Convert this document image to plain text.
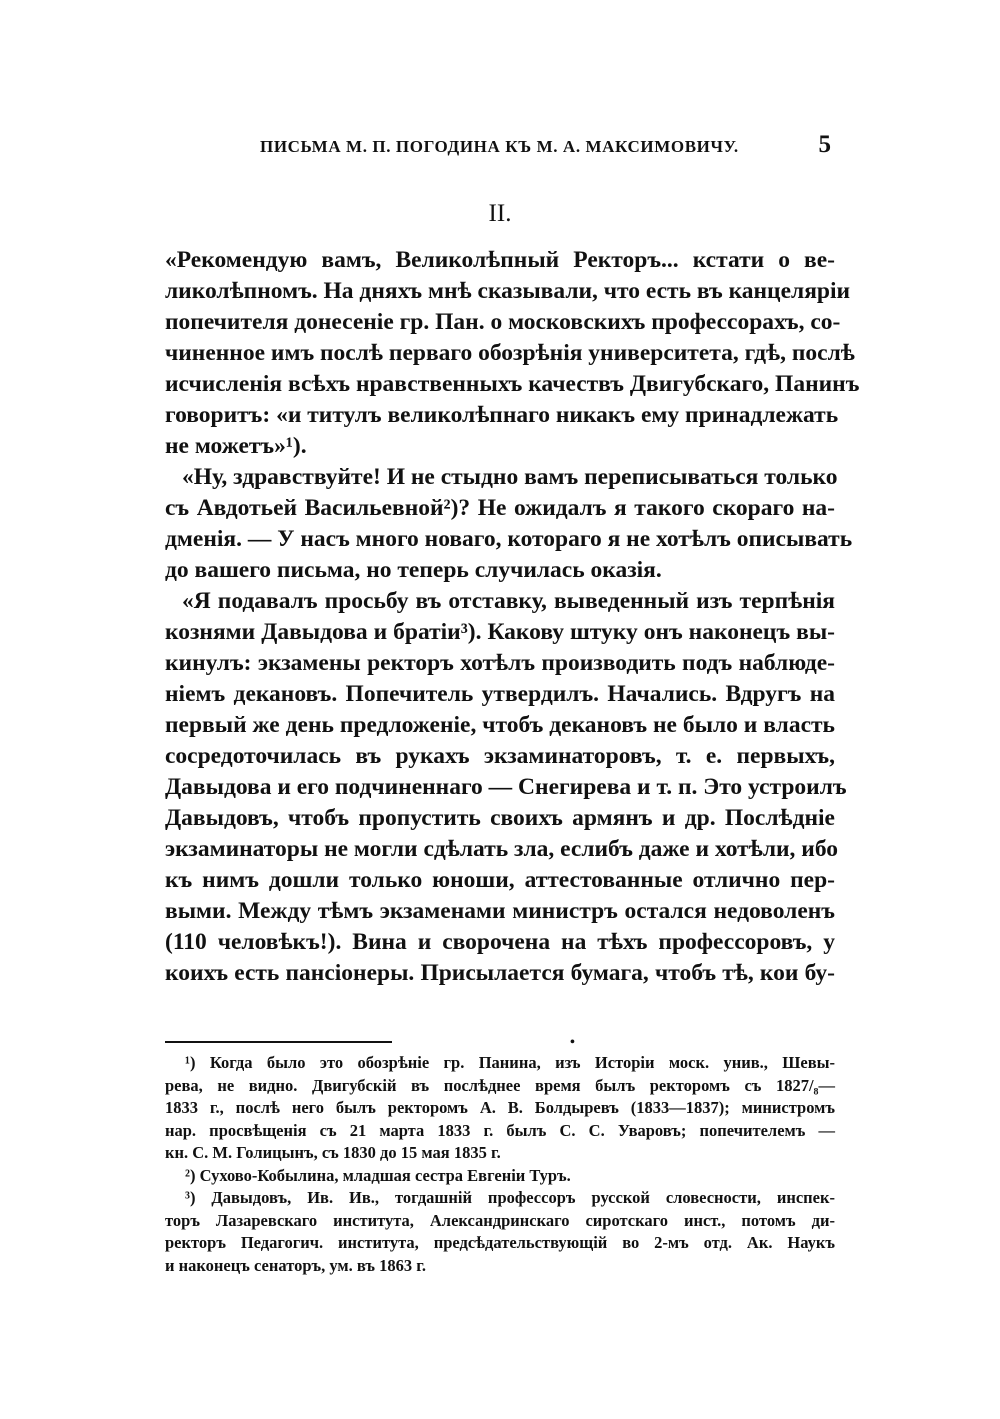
ПИСЬМА М. П. ПОГОДИНА КЪ М. А. МАКСИМОВИЧУ.	5
II.
«Рекомендую вамъ, Великолѣпный Ректоръ... кстати о ве-
ликолѣпномъ. На дняхъ мнѣ сказывали, что есть въ канцеляріи
попечителя донесеніе гр. Пан. о московскихъ профессорахъ, со-
чиненное имъ послѣ перваго обозрѣнія университета, гдѣ, послѣ
исчисленія всѣхъ нравственныхъ качествъ Двигубскаго, Панинъ
говоритъ: «и титулъ великолѣпнаго никакъ ему принадлежать
не можетъ»¹).
«Ну, здравствуйте! И не стыдно вамъ переписываться только
съ Авдотьей Васильевной²)? Не ожидалъ я такого скораго на-
дменія. — У насъ много новаго, котораго я не хотѣлъ описывать
до вашего письма, но теперь случилась оказія.
«Я подавалъ просьбу въ отставку, выведенный изъ терпѣнія
кознями Давыдова и братіи³). Какову штуку онъ наконецъ вы-
кинулъ: экзамены ректоръ хотѣлъ производить подъ наблюде-
ніемъ декановъ. Попечитель утвердилъ. Начались. Вдругъ на
первый же день предложеніе, чтобъ декановъ не было и власть
сосредоточилась въ рукахъ экзаминаторовъ, т. е. первыхъ,
Давыдова и его подчиненнаго — Снегирева и т. п. Это устроилъ
Давыдовъ, чтобъ пропустить своихъ армянъ и др. Послѣдніе
экзаминаторы не могли сдѣлать зла, еслибъ даже и хотѣли, ибо
къ нимъ дошли только юноши, аттестованные отлично пер-
выми. Между тѣмъ экзаменами министръ остался недоволенъ
(110 человѣкъ!). Вина и сворочена на тѣхъ профессоровъ, у
коихъ есть пансіонеры. Присылается бумага, чтобъ тѣ, кои бу-
•
¹) Когда было это обозрѣніе гр. Панина, изъ Исторіи моск. унив., Шевы-
рева, не видно. Двигубскій въ послѣднее время былъ ректоромъ съ 1827/₈—
1833 г., послѣ него былъ ректоромъ А. В. Болдыревъ (1833—1837); министромъ
нар. просвѣщенія съ 21 марта 1833 г. былъ С. С. Уваровъ; попечителемъ —
кн. С. М. Голицынъ, съ 1830 до 15 мая 1835 г.
²) Сухово-Кобылина, младшая сестра Евгеніи Туръ.
³) Давыдовъ, Ив. Ив., тогдашній профессоръ русской словесности, инспек-
торъ Лазаревскаго института, Александринскаго сиротскаго инст., потомъ ди-
ректоръ Педагогич. института, предсѣдательствующій во 2-мъ отд. Ак. Наукъ
и наконецъ сенаторъ, ум. въ 1863 г.
